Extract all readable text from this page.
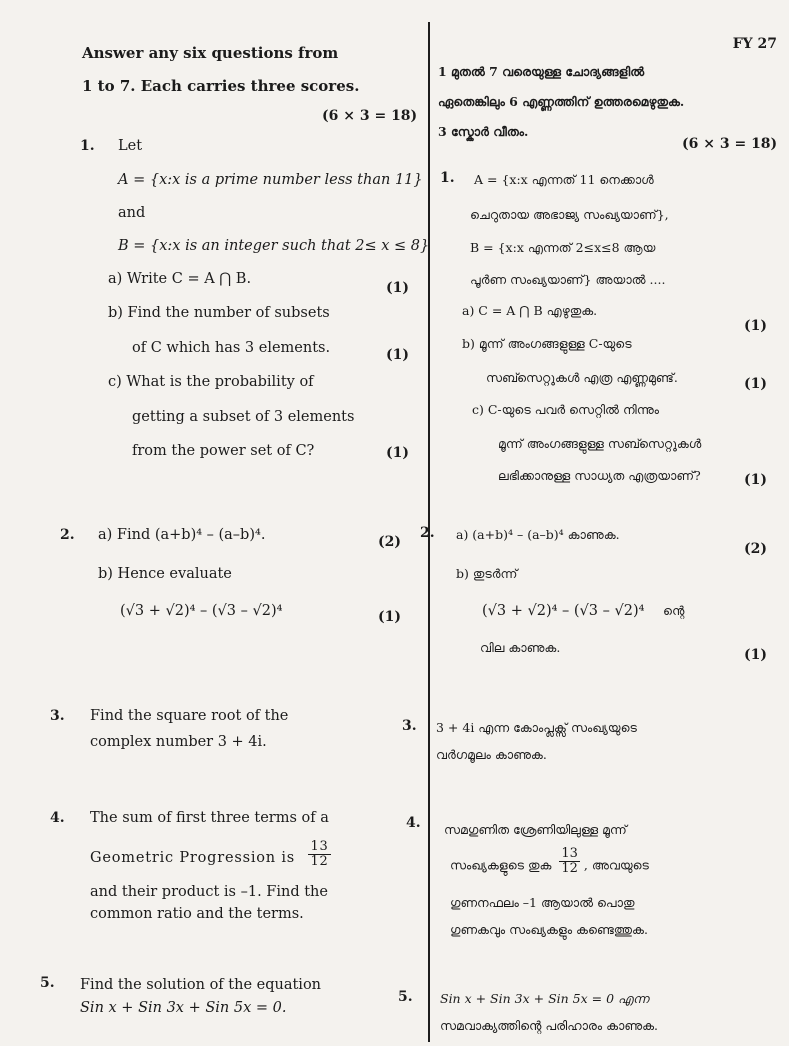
FY 27
Answer any six questions from
1 to 7. Each carries three scores.
(6 × 3 = 18)
1. Let
A = {x:x is a prime number less than 11}
and
B = {x:x is an integer such that 2≤ x ≤ 8}
a) Write C = A ⋂ B.
(1)
b) Find the number of subsets
of C which has 3 elements.	(1)
c) What is the probability of
getting a subset of 3 elements
from the power set of C?	(1)
2. a) Find (a+b)⁴ – (a–b)⁴.	(2)
b) Hence evaluate
(√3 + √2)⁴ – (√3 – √2)⁴	(1)
3. Find the square root of the
complex number 3 + 4i.
4. The sum of first three terms of a
Geometric Progression is $\frac{13}{12}$
and their product is –1. Find the
common ratio and the terms.
5. Find the solution of the equation
Sin x + Sin 3x + Sin 5x = 0.
1 മുതൽ 7 വരെയുള്ള ചോദ്യങ്ങളിൽ
ഏതെങ്കിലും 6 എണ്ണത്തിന് ഉത്തരമെഴുതുക.
3 സ്കോർ വീതം.
(6 × 3 = 18)
1. A = {x:x എന്നത് 11 നെക്കാൾ
ചെറുതായ അഭാജ്യ സംഖ്യയാണ്},
B = {x:x എന്നത് 2≤x≤8 ആയ
പൂർണ സംഖ്യയാണ്} അയാൽ ....
a) C = A ⋂ B എഴുതുക.
(1)
b) മൂന്ന് അംഗങ്ങളുള്ള C-യുടെ
സബ്സെറ്റുകൾ എത്ര എണ്ണമുണ്ട്.	(1)
c) C-യുടെ പവർ സെറ്റിൽ നിന്നും
മൂന്ന് അംഗങ്ങളുള്ള സബ്സെറ്റുകൾ
ലഭിക്കാനുള്ള സാധ്യത എത്രയാണ്?	(1)
2. a) (a+b)⁴ – (a–b)⁴ കാണുക.
(2)
b) തുടർന്ന്
(√3 + √2)⁴ – (√3 – √2)⁴ ന്റെ
വില കാണുക.	(1)
3. 3 + 4i എന്ന കോംപ്ലക്സ് സംഖ്യയുടെ
വർഗമൂലം കാണുക.
4. സമഗുണിത ശ്രേണിയിലുള്ള മൂന്ന്
സംഖ്യകളുടെ തുക $\frac{13}{12}$ , അവയുടെ
ഗുണനഫലം –1 ആയാൽ പൊതു
ഗുണകവും സംഖ്യകളും കണ്ടെത്തുക.
5. Sin x + Sin 3x + Sin 5x = 0 എന്ന
സമവാക്യത്തിന്റെ പരിഹാരം കാണുക.
